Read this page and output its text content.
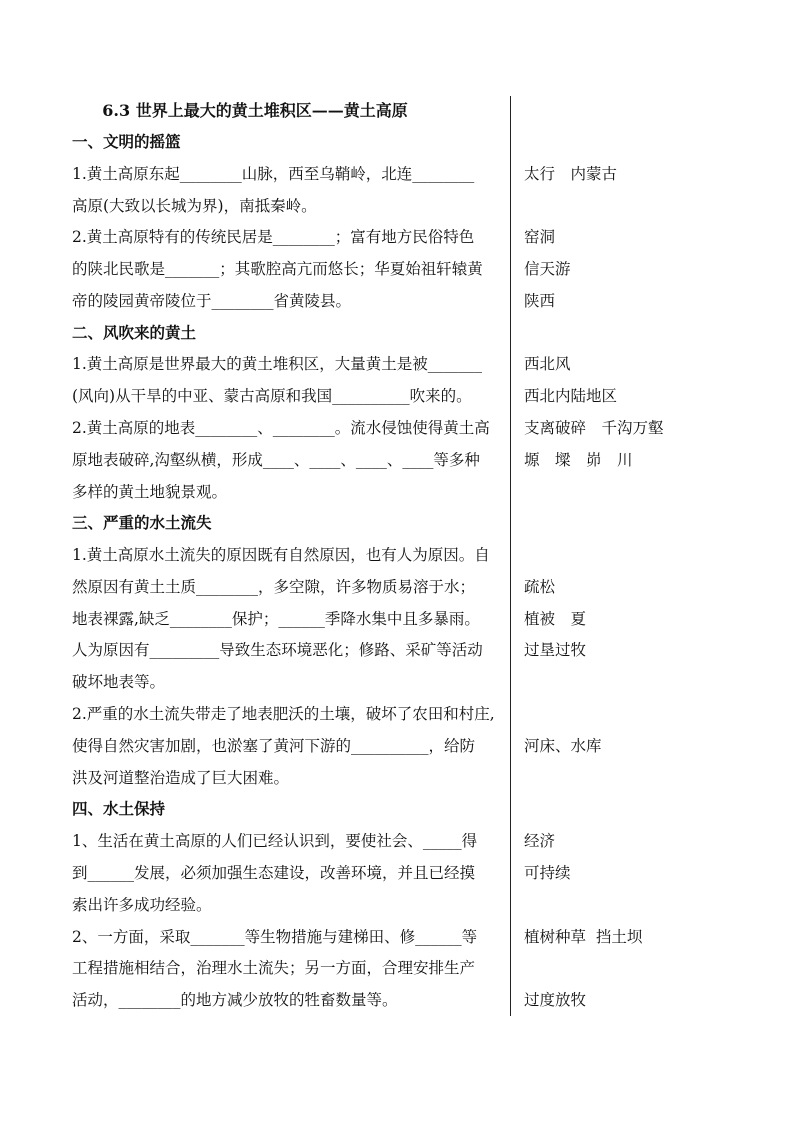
6.3 世界上最大的黄土堆积区——黄土高原
一、文明的摇篮
1.黄土高原东起________山脉，西至乌鞘岭，北连________
高原(大致以长城为界)，南抵秦岭。
2.黄土高原特有的传统民居是________；富有地方民俗特色
的陕北民歌是_______；其歌腔高亢而悠长；华夏始祖轩辕黄
帝的陵园黄帝陵位于________省黄陵县。
二、风吹来的黄土
1.黄土高原是世界最大的黄土堆积区，大量黄土是被_______
(风向)从干旱的中亚、蒙古高原和我国__________吹来的。
2.黄土高原的地表________、________。流水侵蚀使得黄土高
原地表破碎,沟壑纵横，形成____、____、____、____等多种
多样的黄土地貌景观。
三、严重的水土流失
1.黄土高原水土流失的原因既有自然原因，也有人为原因。自
然原因有黄土土质________，多空隙，许多物质易溶于水；
地表裸露,缺乏________保护；______季降水集中且多暴雨。
人为原因有_________导致生态环境恶化；修路、采矿等活动
破坏地表等。
2.严重的水土流失带走了地表肥沃的土壤，破坏了农田和村庄,
使得自然灾害加剧，也淤塞了黄河下游的__________，给防
洪及河道整治造成了巨大困难。
四、水土保持
1、生活在黄土高原的人们已经认识到，要使社会、_____得
到______发展，必须加强生态建设，改善环境，并且已经摸
索出许多成功经验。
2、一方面，采取_______等生物措施与建梯田、修______等
工程措施相结合，治理水土流失；另一方面，合理安排生产
活动，________的地方减少放牧的牲畜数量等。
太行　内蒙古
窑洞
信天游
陕西
西北风
西北内陆地区
支离破碎　千沟万壑
塬　墚　峁　川
疏松
植被　夏
过垦过牧
河床、水库
经济
可持续
植树种草  挡土坝
过度放牧
